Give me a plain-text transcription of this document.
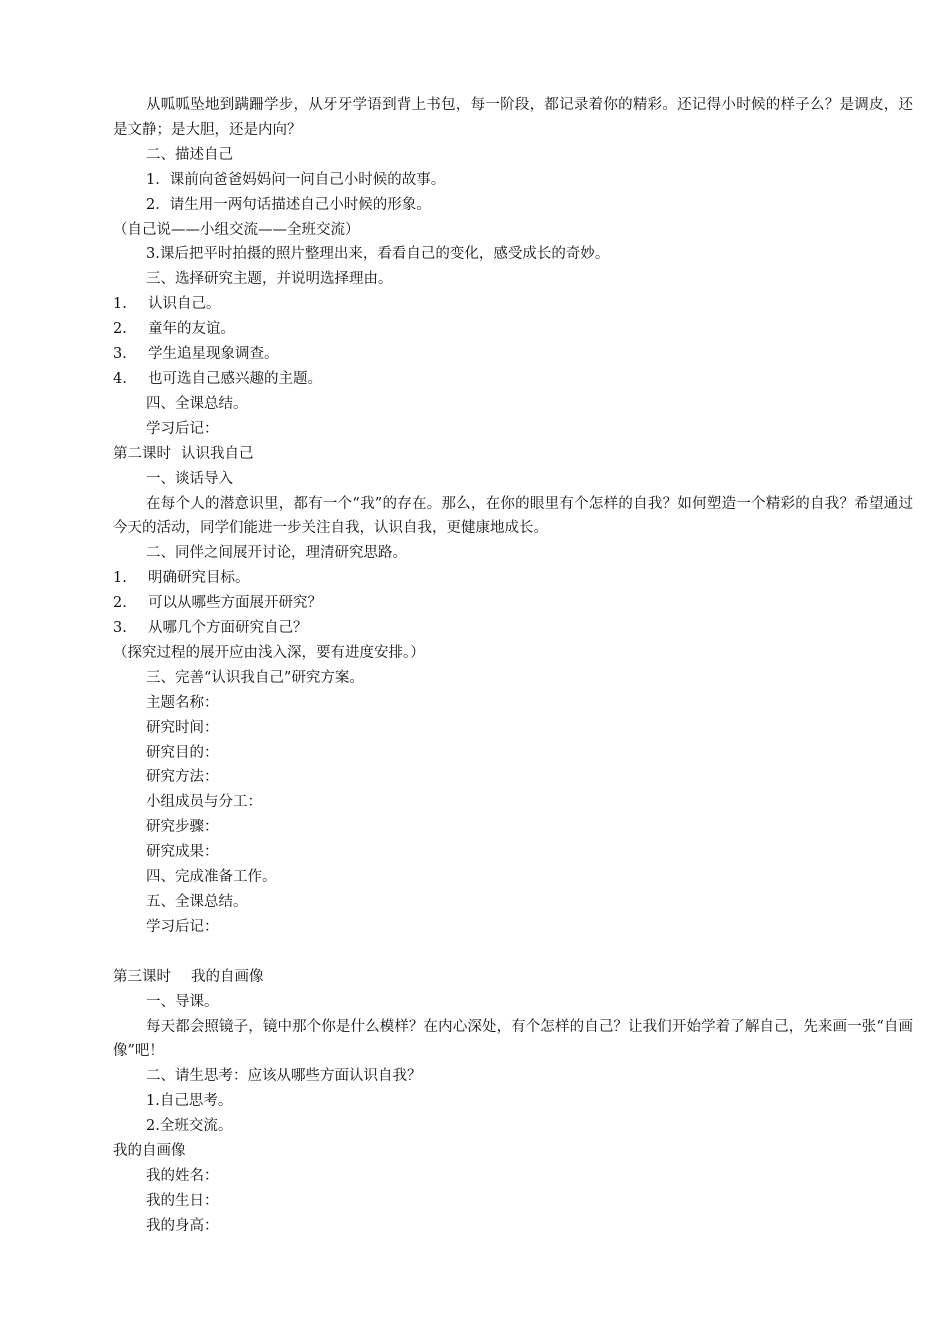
从呱呱坠地到蹒跚学步，从牙牙学语到背上书包，每一阶段，都记录着你的精彩。还记得小时候的样子么？是调皮，还是文静；是大胆，还是内向？

二、描述自己

1．课前向爸爸妈妈问一问自己小时候的故事。

2．请生用一两句话描述自己小时候的形象。

（自己说——小组交流——全班交流）

3.课后把平时拍摄的照片整理出来，看看自己的变化，感受成长的奇妙。

三、选择研究主题，并说明选择理由。

1. 认识自己。

2. 童年的友谊。

3. 学生追星现象调查。

4. 也可选自己感兴趣的主题。

四、全课总结。

学习后记：

第二课时 认识我自己

一、谈话导入

在每个人的潜意识里，都有一个“我”的存在。那么，在你的眼里有个怎样的自我？如何塑造一个精彩的自我？希望通过今天的活动，同学们能进一步关注自我，认识自我，更健康地成长。

二、同伴之间展开讨论，理清研究思路。

1. 明确研究目标。

2. 可以从哪些方面展开研究？

3. 从哪几个方面研究自己？

（探究过程的展开应由浅入深，要有进度安排。）

三、完善“认识我自己”研究方案。

主题名称：

研究时间：

研究目的：

研究方法：

小组成员与分工：

研究步骤：

研究成果：

四、完成准备工作。

五、全课总结。

学习后记：

第三课时 我的自画像

一、导课。

每天都会照镜子，镜中那个你是什么模样？在内心深处，有个怎样的自己？让我们开始学着了解自己，先来画一张“自画像”吧！

二、请生思考：应该从哪些方面认识自我？

1.自己思考。

2.全班交流。

我的自画像

我的姓名：

我的生日：

我的身高：
